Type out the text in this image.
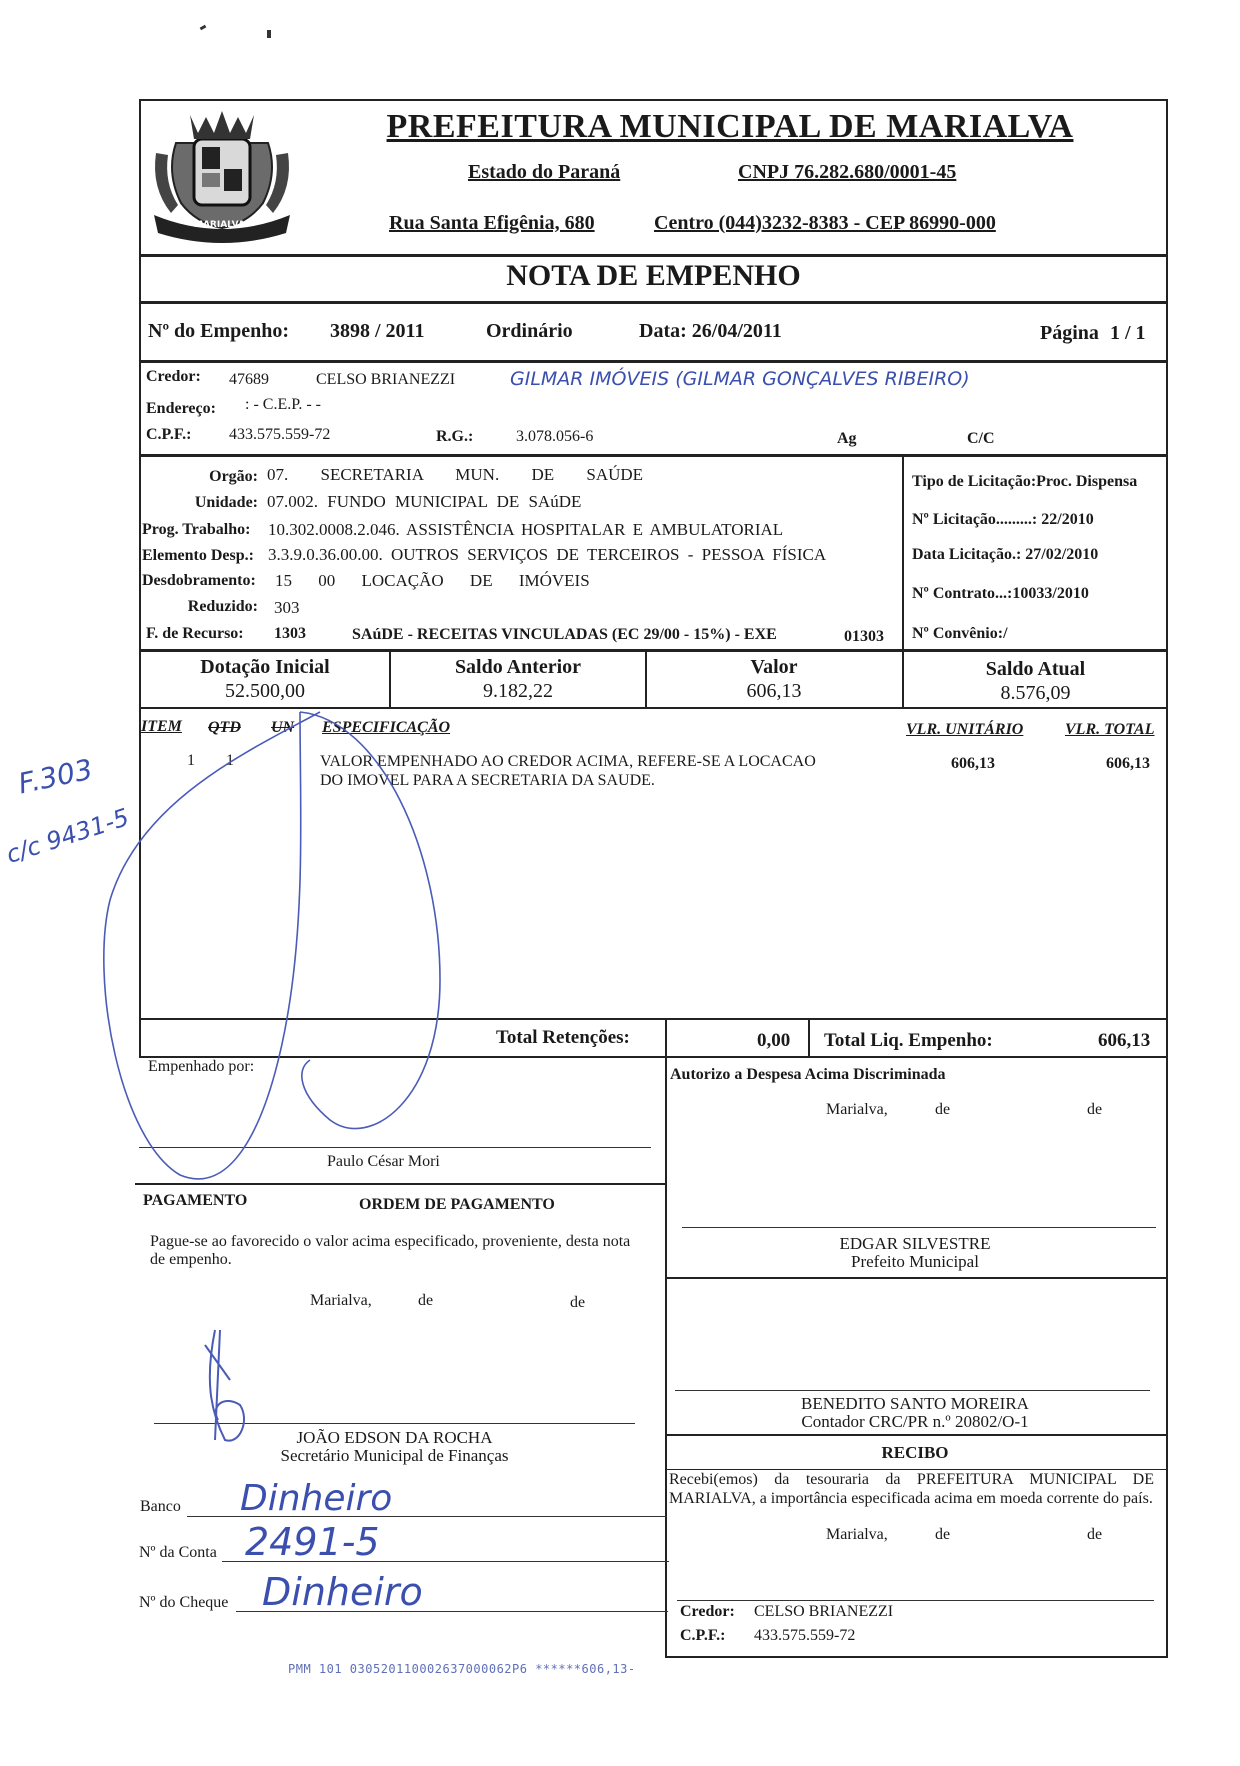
MARIALVA
PREFEITURA MUNICIPAL DE MARIALVA
Estado do Paraná	CNPJ 76.282.680/0001-45
Rua Santa Efigênia, 680	Centro (044)3232-8383 - CEP 86990-000
NOTA DE EMPENHO
Nº do Empenho: 3898 / 2011	Ordinário	Data: 26/04/2011	Página 1 / 1
Credor: 47689	CELSO BRIANEZZI	GILMAR IMÓVEIS (GILMAR GONÇALVES RIBEIRO)
Endereço: : - C.E.P. - -
C.P.F.: 433.575.559-72	R.G.:	3.078.056-6	Ag	C/C
Orgão: 07. SECRETARIA MUN. DE SAÚDE
Unidade: 07.002. FUNDO MUNICIPAL DE SAúDE
Prog. Trabalho: 10.302.0008.2.046. ASSISTÊNCIA HOSPITALAR E AMBULATORIAL
Elemento Desp.: 3.3.9.0.36.00.00. OUTROS SERVIÇOS DE TERCEIROS - PESSOA FÍSICA
Desdobramento: 15 00 LOCAÇÃO DE IMÓVEIS
Reduzido: 303
F. de Recurso: 1303	SAúDE - RECEITAS VINCULADAS (EC 29/00 - 15%) - EXE	01303
Tipo de Licitação:Proc. Dispensa
Nº Licitação.........: 22/2010
Data Licitação.: 27/02/2010
Nº Contrato...:10033/2010
Nº Convênio:/
Dotação Inicial
52.500,00
Saldo Anterior
9.182,22
Valor
606,13
Saldo Atual
8.576,09
ITEM QTD UN ESPECIFICAÇÃO	VLR. UNITÁRIO	VLR. TOTAL
1 1	VALOR EMPENHADO AO CREDOR ACIMA, REFERE-SE A LOCACAO
DO IMOVEL PARA A SECRETARIA DA SAUDE.
606,13	606,13
Total Retenções:	0,00 Total Liq. Empenho:	606,13
Empenhado por:
Paulo César Mori
Autorizo a Despesa Acima Discriminada
Marialva,	de	de
EDGAR SILVESTRE
Prefeito Municipal
PAGAMENTO	ORDEM DE PAGAMENTO
Pague-se ao favorecido o valor acima especificado, proveniente, desta nota de empenho.
Marialva,	de	de
JOÃO EDSON DA ROCHA
Secretário Municipal de Finanças
Banco Dinheiro
Nº da Conta 2491-5
Nº do Cheque Dinheiro
BENEDITO SANTO MOREIRA
Contador CRC/PR n.º 20802/O-1
RECIBO
Recebi(emos) da tesouraria da PREFEITURA MUNICIPAL DE MARIALVA, a importância especificada acima em moeda corrente do país.
Marialva,	de	de
Credor: CELSO BRIANEZZI
C.P.F.: 433.575.559-72
PMM 101 030520110002637000062P6 ******606,13-
F.303
c/c 9431-5
